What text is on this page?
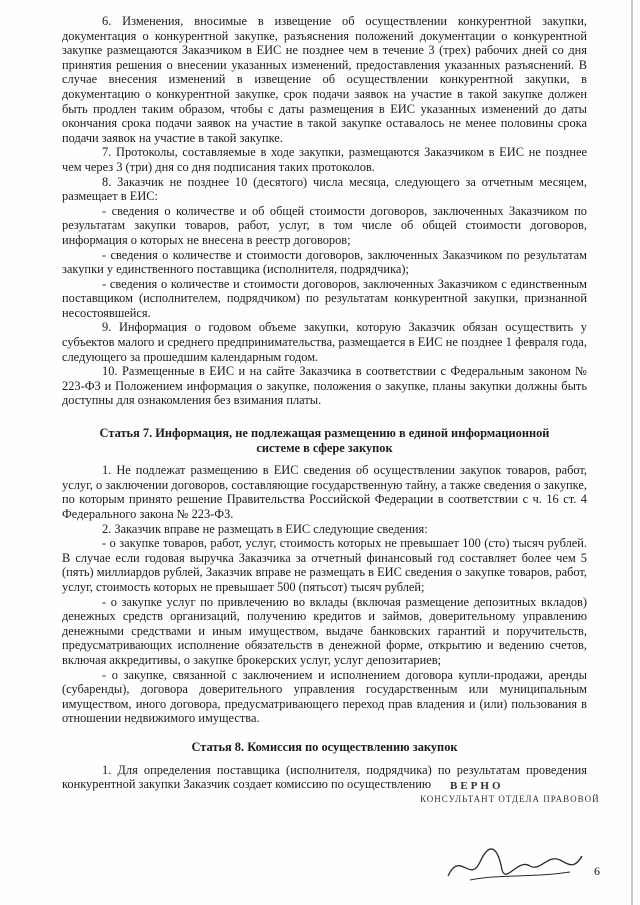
6. Изменения, вносимые в извещение об осуществлении конкурентной закупки, документация о конкурентной закупке, разъяснения положений документации о конкурентной закупке размещаются Заказчиком в ЕИС не позднее чем в течение 3 (трех) рабочих дней со дня принятия решения о внесении указанных изменений, предоставления указанных разъяснений. В случае внесения изменений в извещение об осуществлении конкурентной закупки, в документацию о конкурентной закупке, срок подачи заявок на участие в такой закупке должен быть продлен таким образом, чтобы с даты размещения в ЕИС указанных изменений до даты окончания срока подачи заявок на участие в такой закупке оставалось не менее половины срока подачи заявок на участие в такой закупке.

7. Протоколы, составляемые в ходе закупки, размещаются Заказчиком в ЕИС не позднее чем через 3 (три) дня со дня подписания таких протоколов.

8. Заказчик не позднее 10 (десятого) числа месяца, следующего за отчетным месяцем, размещает в ЕИС:

- сведения о количестве и об общей стоимости договоров, заключенных Заказчиком по результатам закупки товаров, работ, услуг, в том числе об общей стоимости договоров, информация о которых не внесена в реестр договоров;

- сведения о количестве и стоимости договоров, заключенных Заказчиком по результатам закупки у единственного поставщика (исполнителя, подрядчика);

- сведения о количестве и стоимости договоров, заключенных Заказчиком с единственным поставщиком (исполнителем, подрядчиком) по результатам конкурентной закупки, признанной несостоявшейся.

9. Информация о годовом объеме закупки, которую Заказчик обязан осуществить у субъектов малого и среднего предпринимательства, размещается в ЕИС не позднее 1 февраля года, следующего за прошедшим календарным годом.

10. Размещенные в ЕИС и на сайте Заказчика в соответствии с Федеральным законом № 223-ФЗ и Положением информация о закупке, положения о закупке, планы закупки должны быть доступны для ознакомления без взимания платы.

Статья 7. Информация, не подлежащая размещению в единой информационной

системе в сфере закупок

1. Не подлежат размещению в ЕИС сведения об осуществлении закупок товаров, работ, услуг, о заключении договоров, составляющие государственную тайну, а также сведения о закупке, по которым принято решение Правительства Российской Федерации в соответствии с ч. 16 ст. 4 Федерального закона № 223-ФЗ.

2. Заказчик вправе не размещать в ЕИС следующие сведения:

- о закупке товаров, работ, услуг, стоимость которых не превышает 100 (сто) тысяч рублей. В случае если годовая выручка Заказчика за отчетный финансовый год составляет более чем 5 (пять) миллиардов рублей, Заказчик вправе не размещать в ЕИС сведения о закупке товаров, работ, услуг, стоимость которых не превышает 500 (пятьсот) тысяч рублей;

- о закупке услуг по привлечению во вклады (включая размещение депозитных вкладов) денежных средств организаций, получению кредитов и займов, доверительному управлению денежными средствами и иным имуществом, выдаче банковских гарантий и поручительств, предусматривающих исполнение обязательств в денежной форме, открытию и ведению счетов, включая аккредитивы, о закупке брокерских услуг, услуг депозитариев;

- о закупке, связанной с заключением и исполнением договора купли-продажи, аренды (субаренды), договора доверительного управления государственным или муниципальным имуществом, иного договора, предусматривающего переход прав владения и (или) пользования в отношении недвижимого имущества.

Статья 8. Комиссия по осуществлению закупок

1. Для определения поставщика (исполнителя, подрядчика) по результатам проведения конкурентной закупки Заказчик создает комиссию по осуществлению	ВЕРНО
КОНСУЛЬТАНТ ОТДЕЛА ПРАВОВОЙ
6
